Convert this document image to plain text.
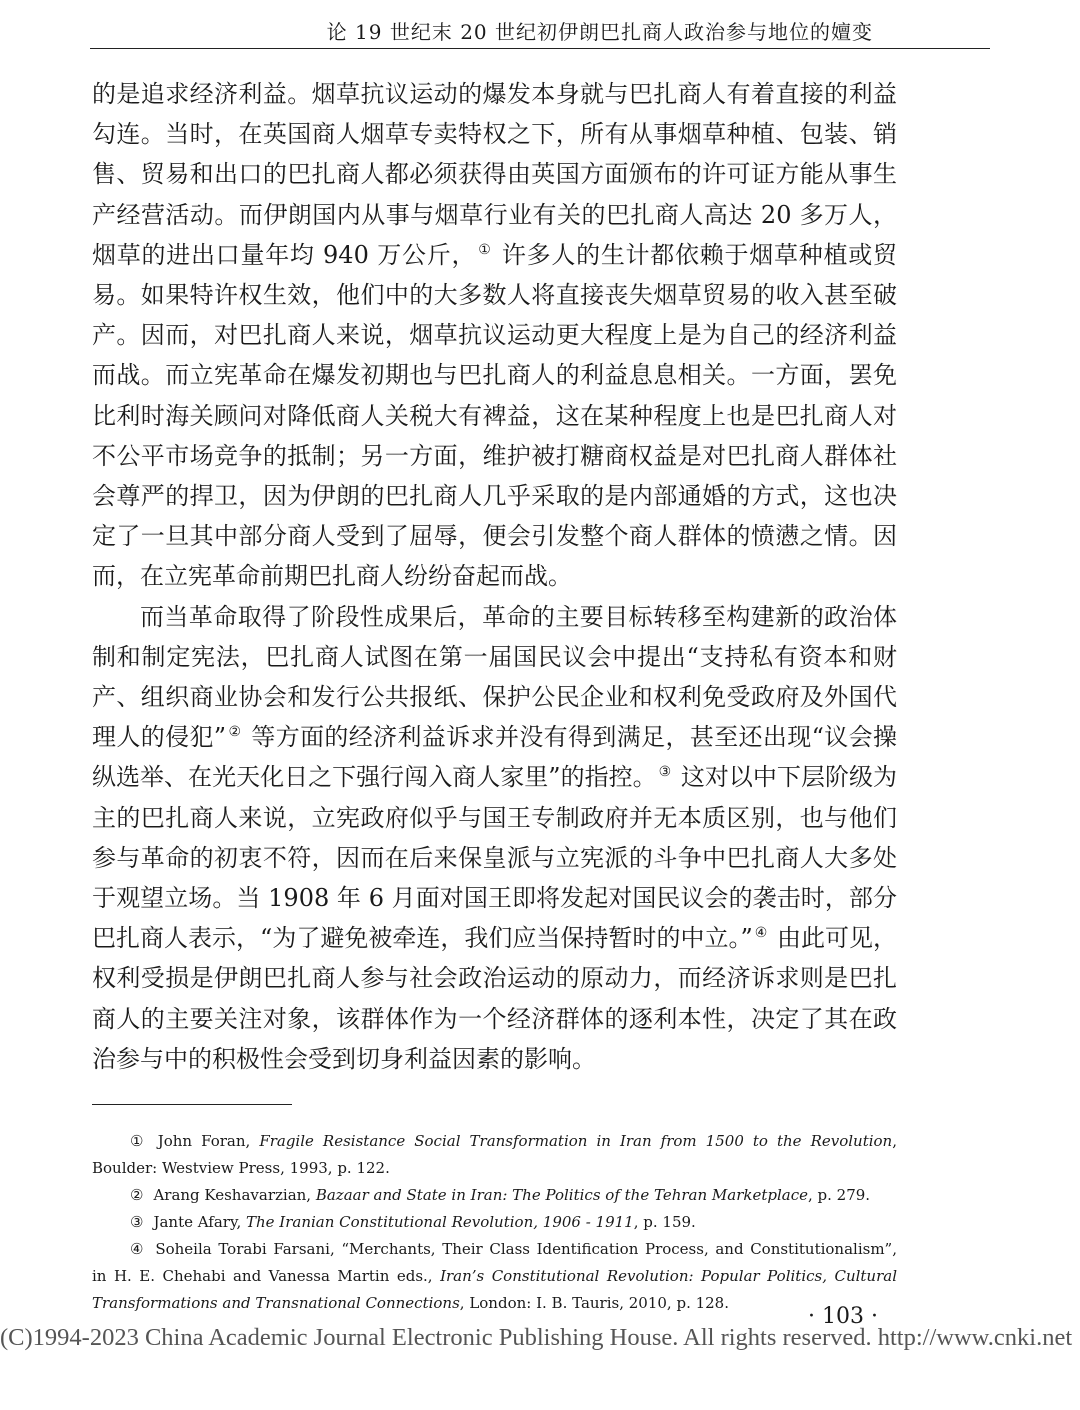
论 19 世纪末 20 世纪初伊朗巴扎商人政治参与地位的嬗变

的是追求经济利益。烟草抗议运动的爆发本身就与巴扎商人有着直接的利益勾连。当时，在英国商人烟草专卖特权之下，所有从事烟草种植、包装、销售、贸易和出口的巴扎商人都必须获得由英国方面颁布的许可证方能从事生产经营活动。而伊朗国内从事与烟草行业有关的巴扎商人高达 20 多万人，烟草的进出口量年均 940 万公斤， ① 许多人的生计都依赖于烟草种植或贸易。如果特许权生效，他们中的大多数人将直接丧失烟草贸易的收入甚至破产。因而，对巴扎商人来说，烟草抗议运动更大程度上是为自己的经济利益而战。而立宪革命在爆发初期也与巴扎商人的利益息息相关。一方面，罢免比利时海关顾问对降低商人关税大有裨益，这在某种程度上也是巴扎商人对不公平市场竞争的抵制；另一方面，维护被打糖商权益是对巴扎商人群体社会尊严的捍卫，因为伊朗的巴扎商人几乎采取的是内部通婚的方式，这也决定了一旦其中部分商人受到了屈辱，便会引发整个商人群体的愤懑之情。因而，在立宪革命前期巴扎商人纷纷奋起而战。

而当革命取得了阶段性成果后，革命的主要目标转移至构建新的政治体制和制定宪法，巴扎商人试图在第一届国民议会中提出“支持私有资本和财产、组织商业协会和发行公共报纸、保护公民企业和权利免受政府及外国代理人的侵犯” ② 等方面的经济利益诉求并没有得到满足，甚至还出现“议会操纵选举、在光天化日之下强行闯入商人家里”的指控。 ③ 这对以中下层阶级为主的巴扎商人来说，立宪政府似乎与国王专制政府并无本质区别，也与他们参与革命的初衷不符，因而在后来保皇派与立宪派的斗争中巴扎商人大多处于观望立场。当 1908 年 6 月面对国王即将发起对国民议会的袭击时，部分巴扎商人表示，“为了避免被牵连，我们应当保持暂时的中立。” ④ 由此可见，权利受损是伊朗巴扎商人参与社会政治运动的原动力，而经济诉求则是巴扎商人的主要关注对象，该群体作为一个经济群体的逐利本性，决定了其在政治参与中的积极性会受到切身利益因素的影响。

① John Foran, Fragile Resistance Social Transformation in Iran from 1500 to the Revolution, Boulder: Westview Press, 1993, p. 122.

② Arang Keshavarzian, Bazaar and State in Iran: The Politics of the Tehran Marketplace, p. 279.

③ Jante Afary, The Iranian Constitutional Revolution, 1906 - 1911, p. 159.

④ Soheila Torabi Farsani, “Merchants, Their Class Identification Process, and Constitutionalism”, in H. E. Chehabi and Vanessa Martin eds., Iran’s Constitutional Revolution: Popular Politics, Cultural Transformations and Transnational Connections, London: I. B. Tauris, 2010, p. 128.

· 103 ·
(C)1994-2023 China Academic Journal Electronic Publishing House. All rights reserved. http://www.cnki.net
